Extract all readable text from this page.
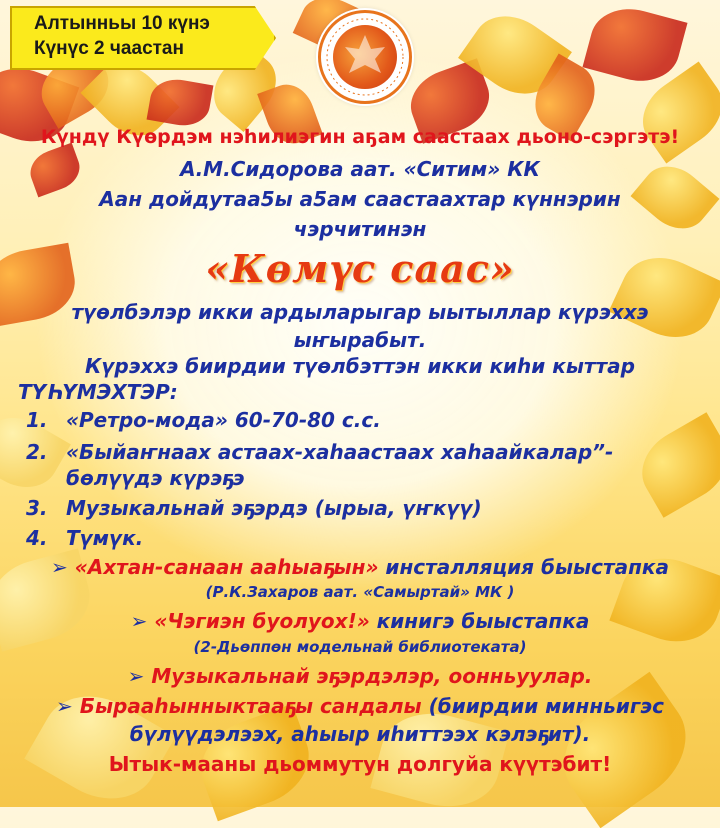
Алтынньы 10 күнэ
Күнүс 2 чаастан
Күндү Күөрдэм нэһилиэгин аҕам саастаах дьоно-сэргэтэ!
А.М.Сидорова аат. «Ситим» КК
Аан дойдутаа5ы а5ам саастаахтар күннэрин
чэрчитинэн
«Көмүс саас»
түөлбэлэр икки ардыларыгар ыытыллар күрэххэ
ыҥырабыт.
Күрэххэ биирдии түөлбэттэн икки киһи кыттар
ТҮҺҮМЭХТЭР:
1. «Ретро-мода» 60-70-80 с.с.
2. «Быйаҥнаах астаах-хаһаастаах хаһаайкалар”-
бөлүүдэ күрэҕэ
3. Музыкальнай эҕэрдэ (ырыа, үҥкүү)
4. Түмүк.
➢ «Ахтан-санаан ааһыаҕын» инсталляция быыстапка
(Р.К.Захаров аат. «Самыртай» МК )
➢ «Чэгиэн буолуох!» кинигэ быыстапка
(2-Дьөппөн модельнай библиотеката)
➢ Музыкальнай эҕэрдэлэр, оонньуулар.
➢ Бырааһынныктааҕы сандалы (биирдии минньигэс
бүлүүдэлээх, аһыыр иһиттээх кэлэҕит).
Ытык-мааны дьоммутун долгуйа күүтэбит!
